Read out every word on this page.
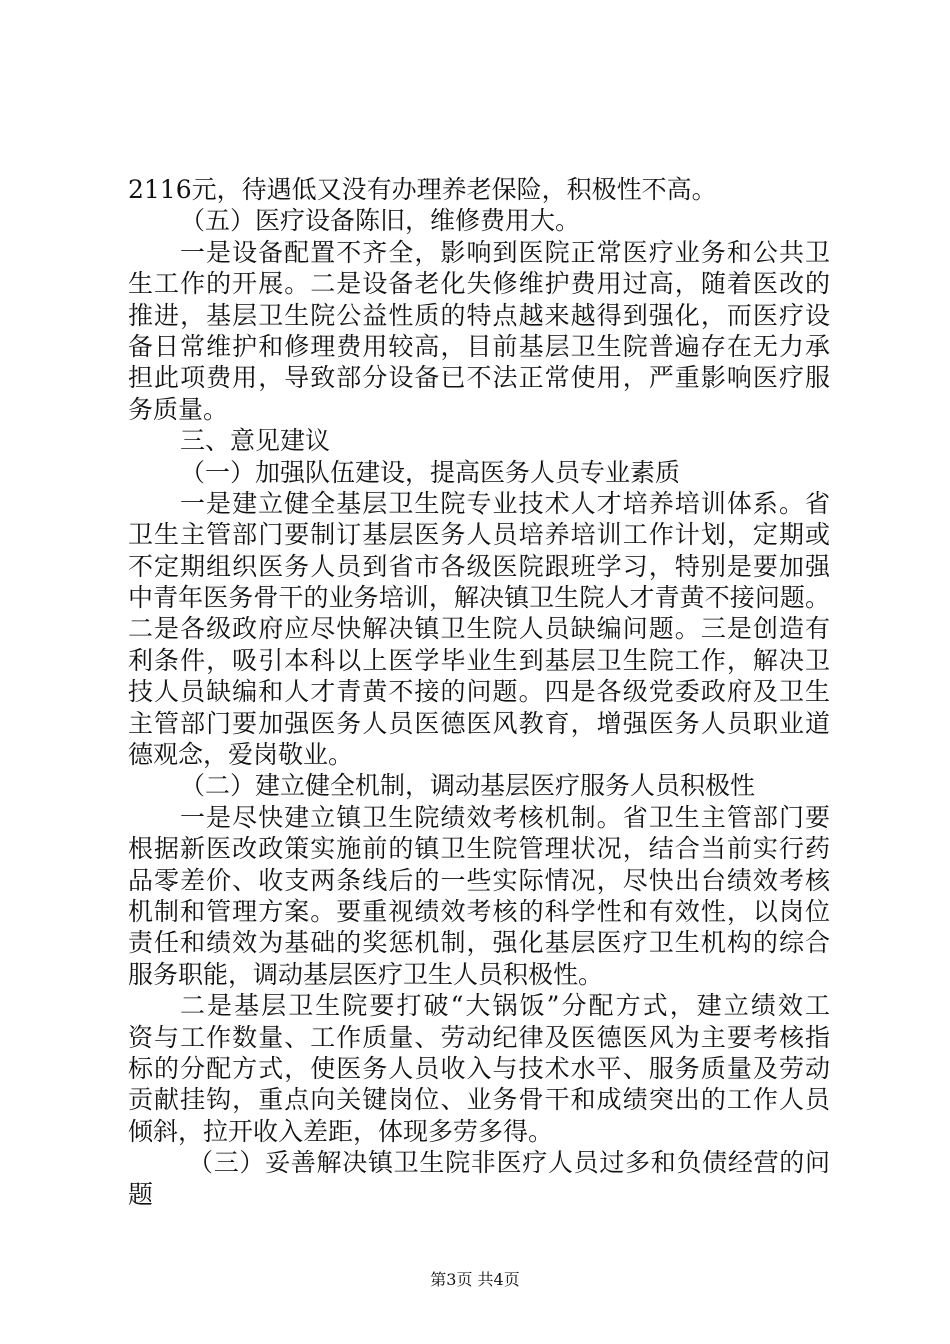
2116元，待遇低又没有办理养老保险，积极性不高。
（五）医疗设备陈旧，维修费用大。
一是设备配置不齐全，影响到医院正常医疗业务和公共卫
生工作的开展。二是设备老化失修维护费用过高，随着医改的
推进，基层卫生院公益性质的特点越来越得到强化，而医疗设
备日常维护和修理费用较高，目前基层卫生院普遍存在无力承
担此项费用，导致部分设备已不法正常使用，严重影响医疗服
务质量。
三、意见建议
（一）加强队伍建设，提高医务人员专业素质
一是建立健全基层卫生院专业技术人才培养培训体系。省
卫生主管部门要制订基层医务人员培养培训工作计划，定期或
不定期组织医务人员到省市各级医院跟班学习，特别是要加强
中青年医务骨干的业务培训，解决镇卫生院人才青黄不接问题。
二是各级政府应尽快解决镇卫生院人员缺编问题。三是创造有
利条件，吸引本科以上医学毕业生到基层卫生院工作，解决卫
技人员缺编和人才青黄不接的问题。四是各级党委政府及卫生
主管部门要加强医务人员医德医风教育，增强医务人员职业道
德观念，爱岗敬业。
（二）建立健全机制，调动基层医疗服务人员积极性
一是尽快建立镇卫生院绩效考核机制。省卫生主管部门要
根据新医改政策实施前的镇卫生院管理状况，结合当前实行药
品零差价、收支两条线后的一些实际情况，尽快出台绩效考核
机制和管理方案。要重视绩效考核的科学性和有效性，以岗位
责任和绩效为基础的奖惩机制，强化基层医疗卫生机构的综合
服务职能，调动基层医疗卫生人员积极性。
二是基层卫生院要打破“大锅饭”分配方式，建立绩效工
资与工作数量、工作质量、劳动纪律及医德医风为主要考核指
标的分配方式，使医务人员收入与技术水平、服务质量及劳动
贡献挂钩，重点向关键岗位、业务骨干和成绩突出的工作人员
倾斜，拉开收入差距，体现多劳多得。
（三）妥善解决镇卫生院非医疗人员过多和负债经营的问
题
第3页 共4页
